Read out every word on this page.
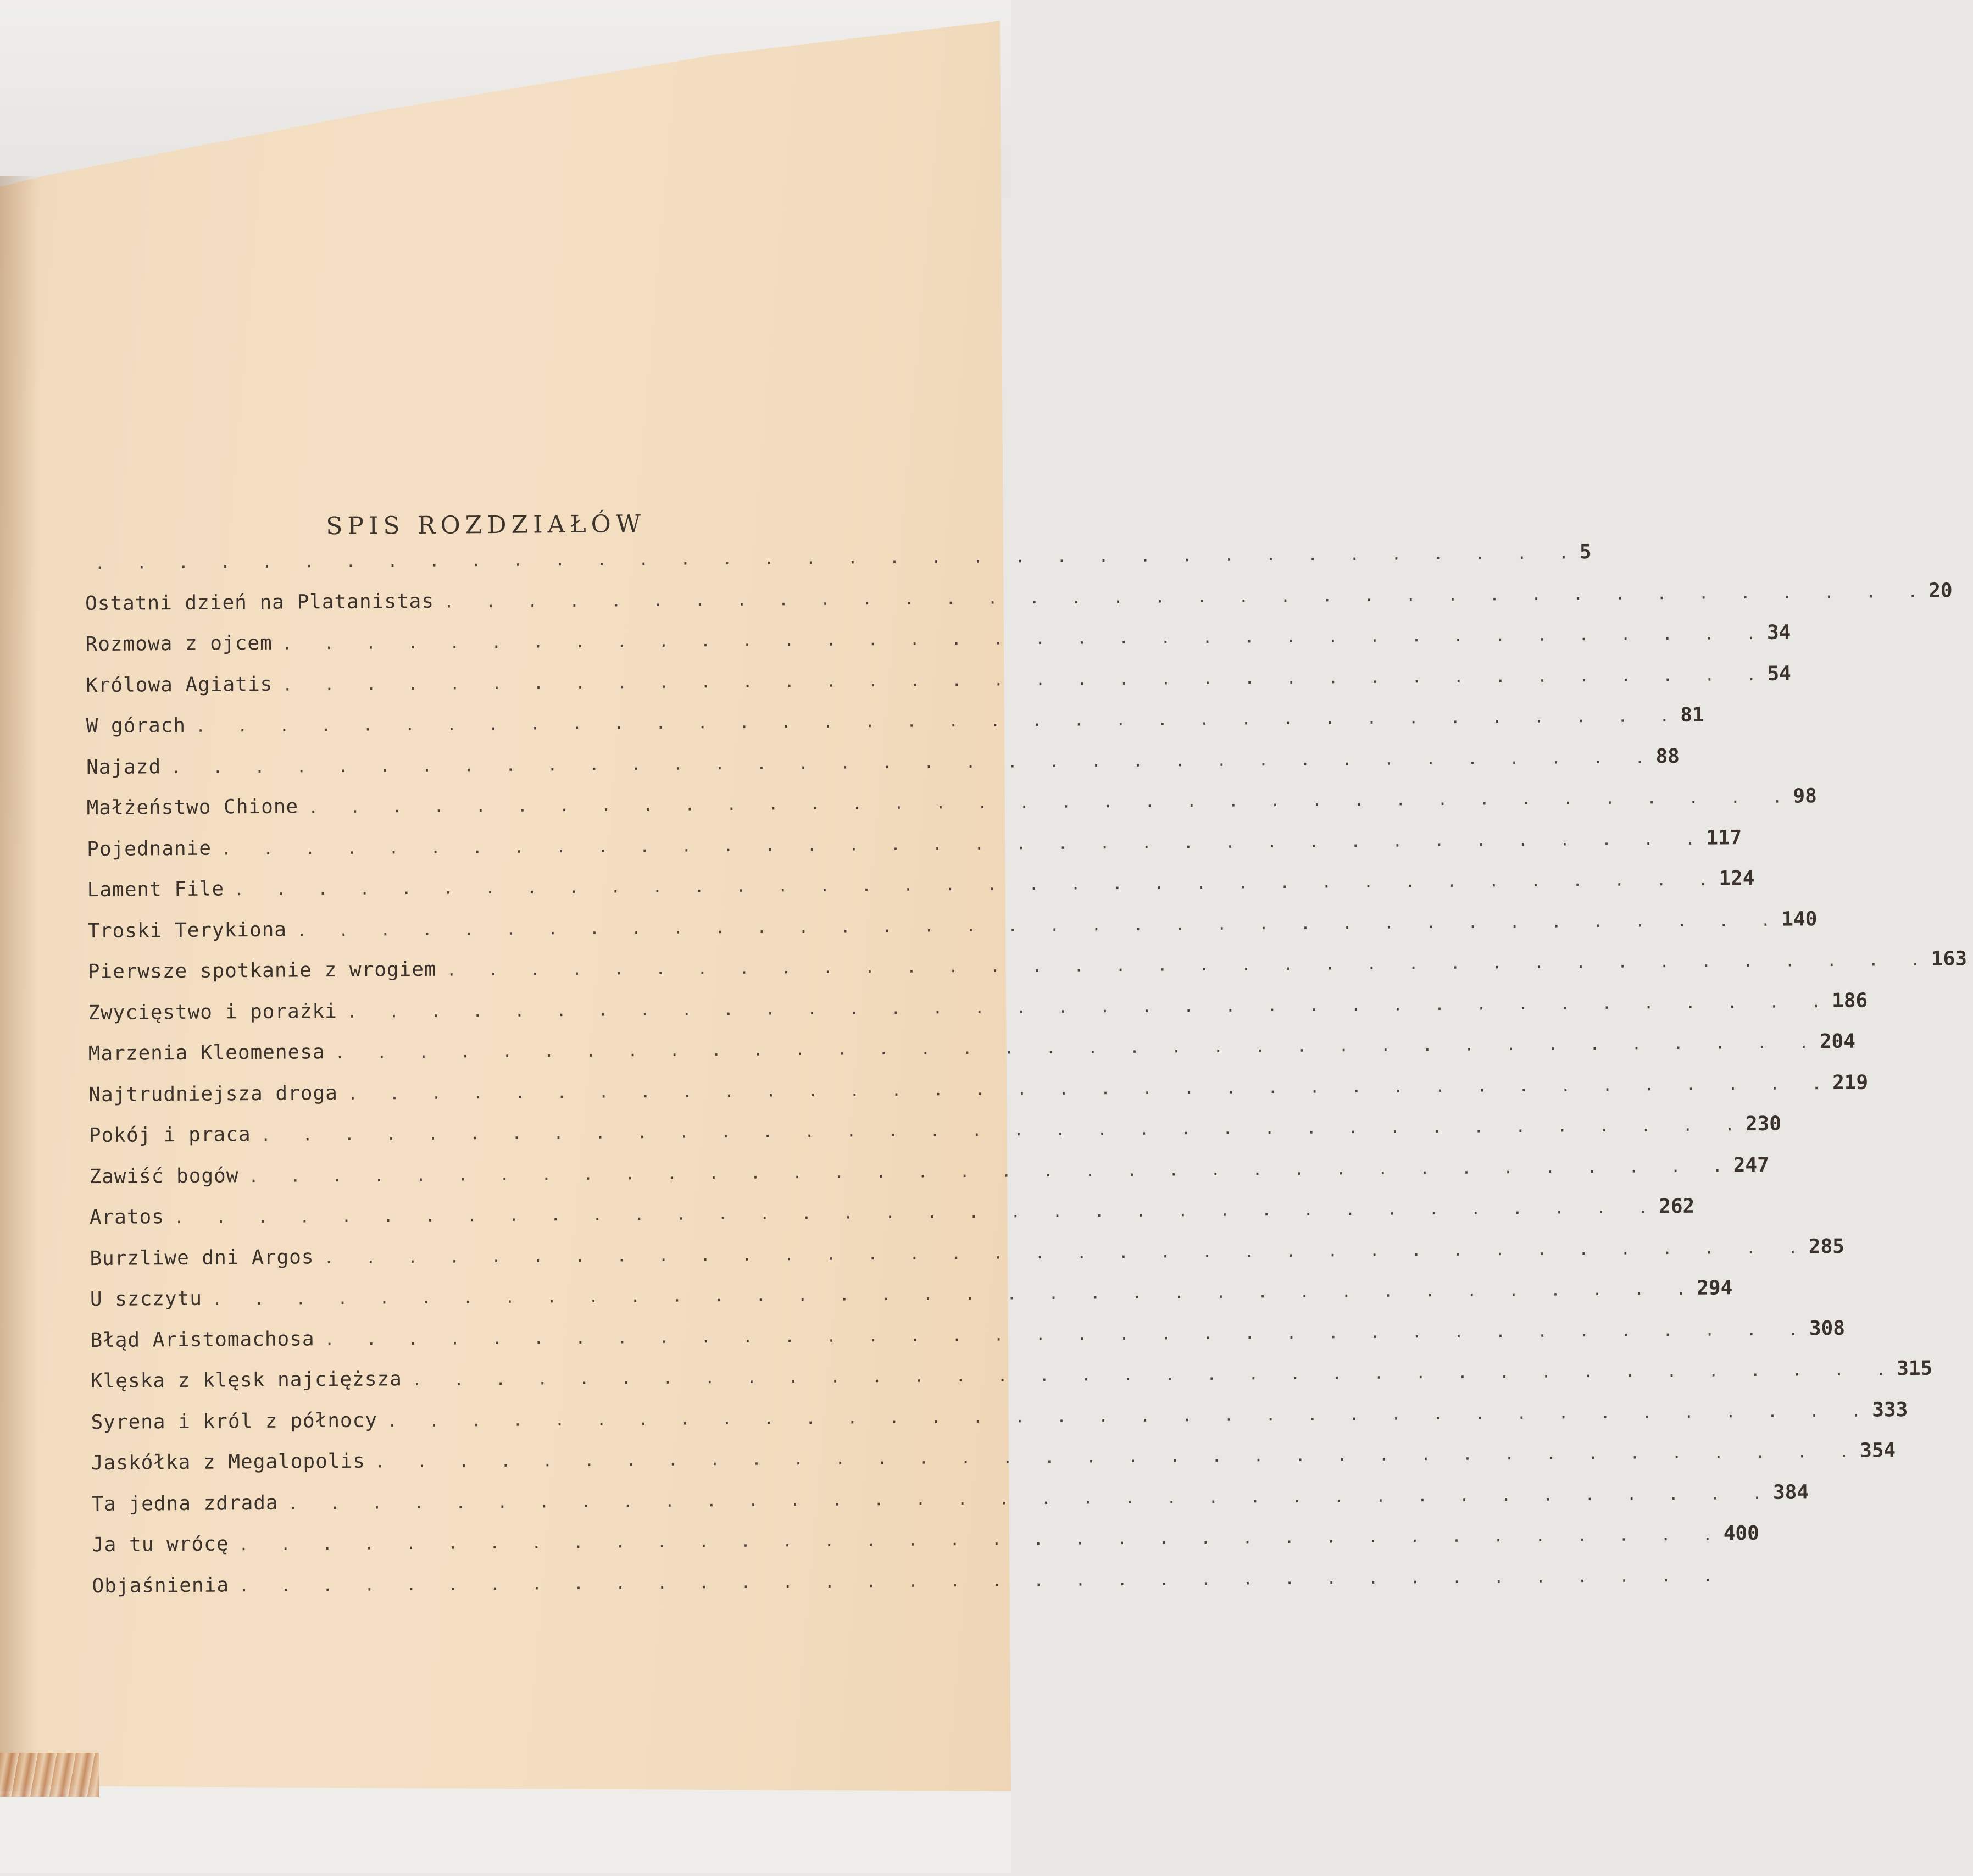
SPIS ROZDZIAŁÓW
. . . . . . . . . . . . . . . . . . . . . . . . . . . . . . . . . . . . 5
Ostatni dzień na Platanistas . . . . . . . . . . . . . . . . . . . . . . . . . . . . . . . . . . . . 20
Rozmowa z ojcem . . . . . . . . . . . . . . . . . . . . . . . . . . . . . . . . . . . . 34
Królowa Agiatis . . . . . . . . . . . . . . . . . . . . . . . . . . . . . . . . . . . . 54
W górach . . . . . . . . . . . . . . . . . . . . . . . . . . . . . . . . . . . . 81
Najazd . . . . . . . . . . . . . . . . . . . . . . . . . . . . . . . . . . . . 88
Małżeństwo Chione . . . . . . . . . . . . . . . . . . . . . . . . . . . . . . . . . . . . 98
Pojednanie . . . . . . . . . . . . . . . . . . . . . . . . . . . . . . . . . . . . 117
Lament File . . . . . . . . . . . . . . . . . . . . . . . . . . . . . . . . . . . . 124
Troski Terykiona . . . . . . . . . . . . . . . . . . . . . . . . . . . . . . . . . . . . 140
Pierwsze spotkanie z wrogiem . . . . . . . . . . . . . . . . . . . . . . . . . . . . . . . . . . . . 163
Zwycięstwo i porażki . . . . . . . . . . . . . . . . . . . . . . . . . . . . . . . . . . . . 186
Marzenia Kleomenesa . . . . . . . . . . . . . . . . . . . . . . . . . . . . . . . . . . . . 204
Najtrudniejsza droga . . . . . . . . . . . . . . . . . . . . . . . . . . . . . . . . . . . . 219
Pokój i praca . . . . . . . . . . . . . . . . . . . . . . . . . . . . . . . . . . . . 230
Zawiść bogów . . . . . . . . . . . . . . . . . . . . . . . . . . . . . . . . . . . . 247
Aratos . . . . . . . . . . . . . . . . . . . . . . . . . . . . . . . . . . . . 262
Burzliwe dni Argos . . . . . . . . . . . . . . . . . . . . . . . . . . . . . . . . . . . . 285
U szczytu . . . . . . . . . . . . . . . . . . . . . . . . . . . . . . . . . . . . 294
Błąd Aristomachosa . . . . . . . . . . . . . . . . . . . . . . . . . . . . . . . . . . . . 308
Klęska z klęsk najcięższa . . . . . . . . . . . . . . . . . . . . . . . . . . . . . . . . . . . . 315
Syrena i król z północy . . . . . . . . . . . . . . . . . . . . . . . . . . . . . . . . . . . . 333
Jaskółka z Megalopolis . . . . . . . . . . . . . . . . . . . . . . . . . . . . . . . . . . . . 354
Ta jedna zdrada . . . . . . . . . . . . . . . . . . . . . . . . . . . . . . . . . . . . 384
Ja tu wrócę . . . . . . . . . . . . . . . . . . . . . . . . . . . . . . . . . . . . 400
Objaśnienia . . . . . . . . . . . . . . . . . . . . . . . . . . . . . . . . . . . .
